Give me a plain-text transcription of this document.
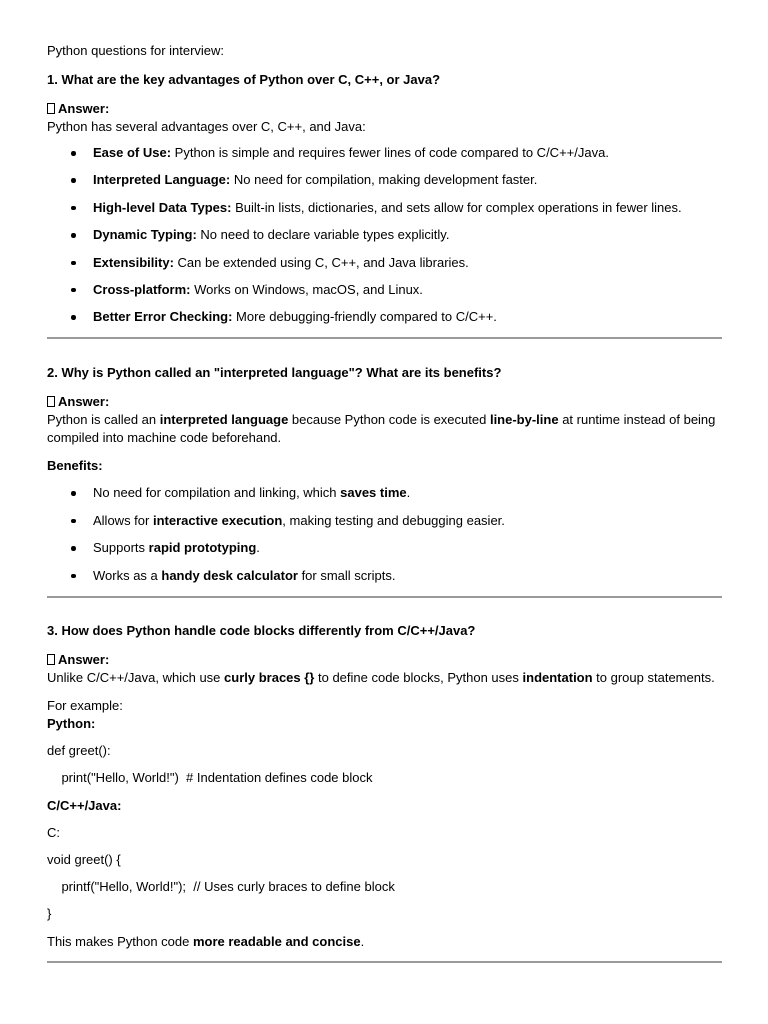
Python questions for interview:

1. What are the key advantages of Python over C, C++, or Java?

Answer:

Python has several advantages over C, C++, and Java:

Ease of Use: Python is simple and requires fewer lines of code compared to C/C++/Java.
Interpreted Language: No need for compilation, making development faster.
High-level Data Types: Built-in lists, dictionaries, and sets allow for complex operations in fewer lines.
Dynamic Typing: No need to declare variable types explicitly.
Extensibility: Can be extended using C, C++, and Java libraries.
Cross-platform: Works on Windows, macOS, and Linux.
Better Error Checking: More debugging-friendly compared to C/C++.

2. Why is Python called an "interpreted language"? What are its benefits?

Answer:

Python is called an interpreted language because Python code is executed line-by-line at runtime instead of being

compiled into machine code beforehand.

Benefits:

No need for compilation and linking, which saves time.
Allows for interactive execution, making testing and debugging easier.
Supports rapid prototyping.
Works as a handy desk calculator for small scripts.

3. How does Python handle code blocks differently from C/C++/Java?

Answer:

Unlike C/C++/Java, which use curly braces {} to define code blocks, Python uses indentation to group statements.

For example:

Python:

def greet():

print("Hello, World!")  # Indentation defines code block

C/C++/Java:

C:

void greet() {

printf("Hello, World!");  // Uses curly braces to define block

}

This makes Python code more readable and concise.
